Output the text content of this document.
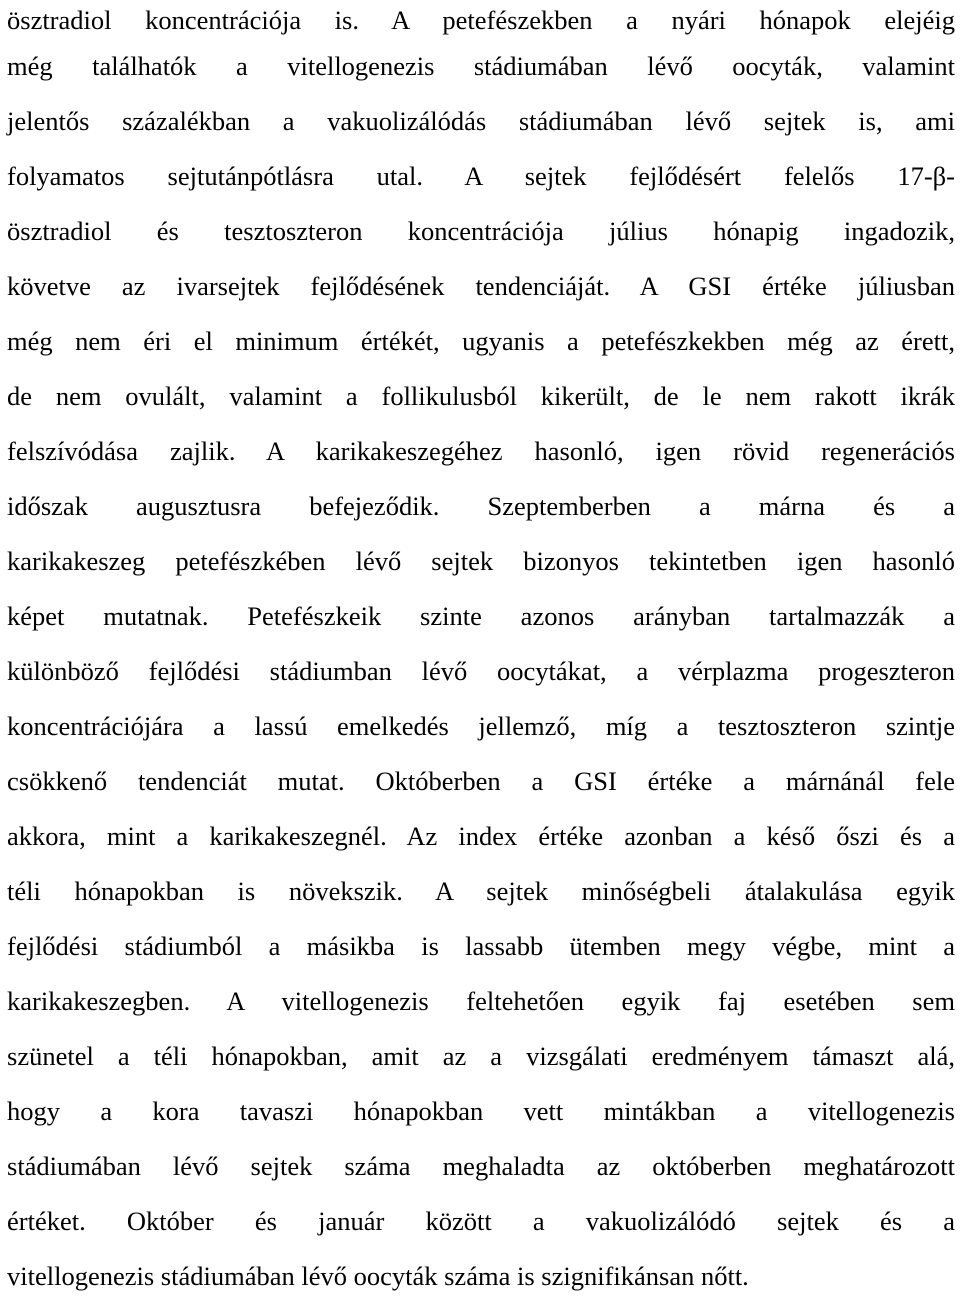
ösztradiol koncentrációja is. A petefészekben a nyári hónapok elejéig
még találhatók a vitellogenezis stádiumában lévő oocyták, valamint
jelentős százalékban a vakuolizálódás stádiumában lévő sejtek is, ami
folyamatos sejtutánpótlásra utal. A sejtek fejlődésért felelős 17-β-
ösztradiol és tesztoszteron koncentrációja július hónapig ingadozik,
követve az ivarsejtek fejlődésének tendenciáját. A GSI értéke júliusban
még nem éri el minimum értékét, ugyanis a petefészkekben még az érett,
de nem ovulált, valamint a follikulusból kikerült, de le nem rakott ikrák
felszívódása zajlik. A karikakeszegéhez hasonló, igen rövid regenerációs
időszak augusztusra befejeződik. Szeptemberben a márna és a
karikakeszeg petefészkében lévő sejtek bizonyos tekintetben igen hasonló
képet mutatnak. Petefészkeik szinte azonos arányban tartalmazzák a
különböző fejlődési stádiumban lévő oocytákat, a vérplazma progeszteron
koncentrációjára a lassú emelkedés jellemző, míg a tesztoszteron szintje
csökkenő tendenciát mutat. Októberben a GSI értéke a márnánál fele
akkora, mint a karikakeszegnél. Az index értéke azonban a késő őszi és a
téli hónapokban is növekszik. A sejtek minőségbeli átalakulása egyik
fejlődési stádiumból a másikba is lassabb ütemben megy végbe, mint a
karikakeszegben. A vitellogenezis feltehetően egyik faj esetében sem
szünetel a téli hónapokban, amit az a vizsgálati eredményem támaszt alá,
hogy a kora tavaszi hónapokban vett mintákban a vitellogenezis
stádiumában lévő sejtek száma meghaladta az októberben meghatározott
értéket. Október és január között a vakuolizálódó sejtek és a
vitellogenezis stádiumában lévő oocyták száma is szignifikánsan nőtt.
